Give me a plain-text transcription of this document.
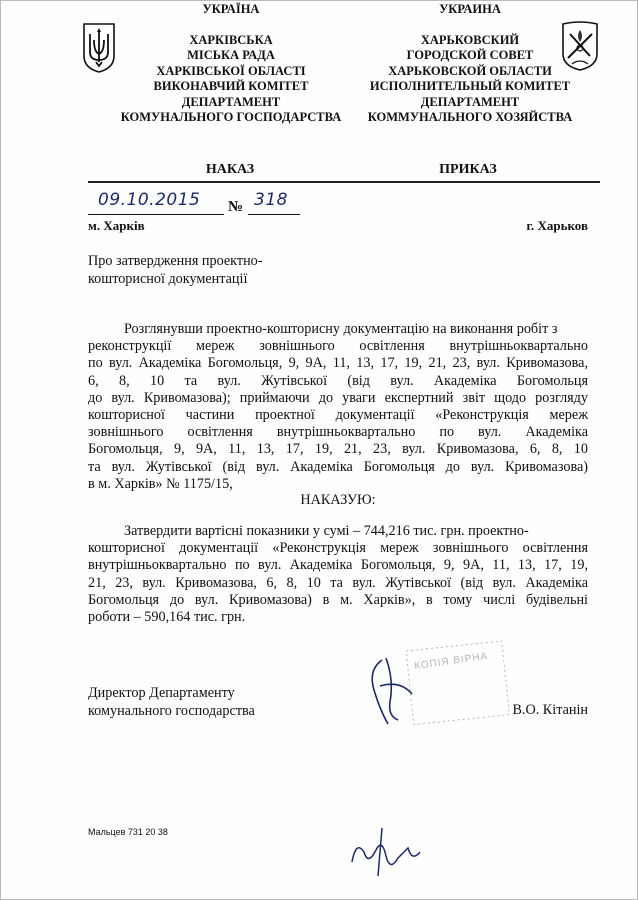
УКРАЇНА
ХАРКІВСЬКА
МІСЬКА РАДА
ХАРКІВСЬКОЇ ОБЛАСТІ
ВИКОНАВЧИЙ КОМІТЕТ
ДЕПАРТАМЕНТ
КОМУНАЛЬНОГО ГОСПОДАРСТВА
УКРАИНА
ХАРЬКОВСКИЙ
ГОРОДСКОЙ СОВЕТ
ХАРЬКОВСКОЙ ОБЛАСТИ
ИСПОЛНИТЕЛЬНЫЙ КОМИТЕТ
ДЕПАРТАМЕНТ
КОММУНАЛЬНОГО ХОЗЯЙСТВА
НАКАЗ	ПРИКАЗ
09.10.2015 № 318
м. Харків	г. Харьков
Про затвердження проектно-
кошторисної документації
Розглянувши проектно-кошторисну документацію на виконання робіт з
реконструкції мереж зовнішнього освітлення внутрішньоквартально
по вул. Академіка Богомольця, 9, 9А, 11, 13, 17, 19, 21, 23, вул. Кривомазова,
6, 8, 10 та вул. Жутівської (від вул. Академіка Богомольця
до вул. Кривомазова); приймаючи до уваги експертний звіт щодо розгляду
кошторисної частини проектної документації «Реконструкція мереж
зовнішнього освітлення внутрішньоквартально по вул. Академіка
Богомольця, 9, 9А, 11, 13, 17, 19, 21, 23, вул. Кривомазова, 6, 8, 10
та вул. Жутівської (від вул. Академіка Богомольця до вул. Кривомазова)
в м. Харків» № 1175/15,
НАКАЗУЮ:
Затвердити вартісні показники у сумі – 744,216 тис. грн. проектно-
кошторисної документації «Реконструкція мереж зовнішнього освітлення
внутрішньоквартально по вул. Академіка Богомольця, 9, 9А, 11, 13, 17, 19,
21, 23, вул. Кривомазова, 6, 8, 10 та вул. Жутівської (від вул. Академіка
Богомольця до вул. Кривомазова) в м. Харків», в тому числі будівельні
роботи – 590,164 тис. грн.
Директор Департаменту
комунального господарства
КОПІЯ ВІРНА
В.О. Кітанін
Мальцев 731 20 38
